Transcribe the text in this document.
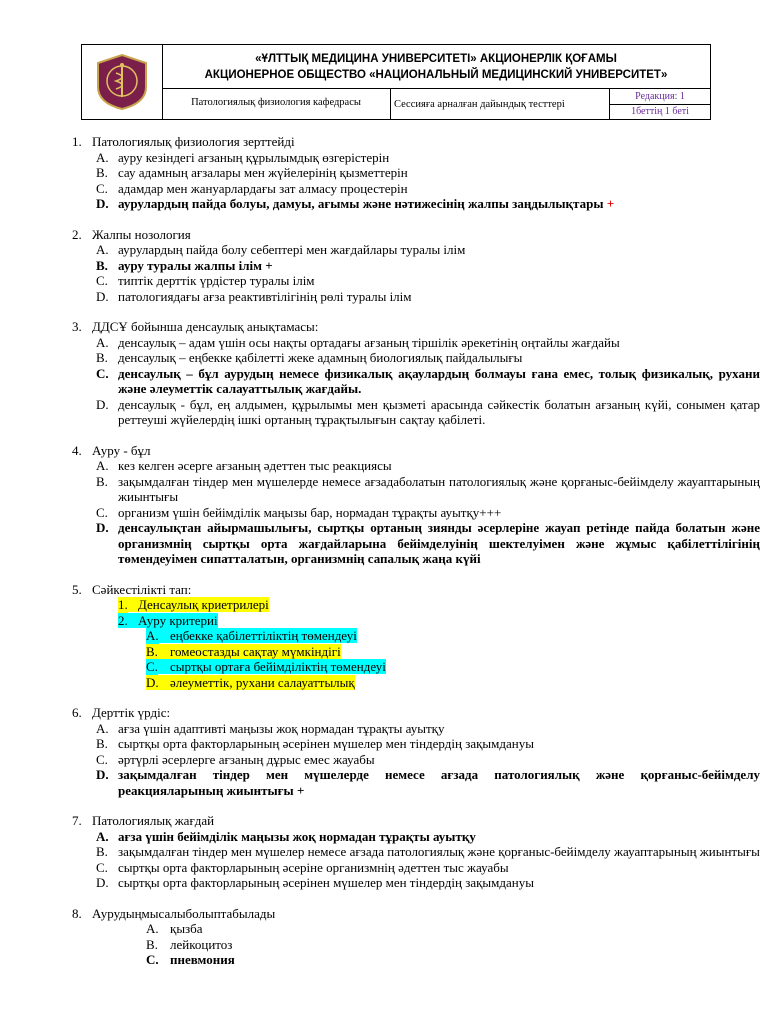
«ҰЛТТЫҚ МЕДИЦИНА УНИВЕРСИТЕТІ» АКЦИОНЕРЛІК ҚОҒАМЫ
АКЦИОНЕРНОЕ ОБЩЕСТВО «НАЦИОНАЛЬНЫЙ МЕДИЦИНСКИЙ УНИВЕРСИТЕТ»
Патологиялық физиология кафедрасы	Сессияға арналған дайындық тесттері
Редакция: 1
1беттің 1 беті
1. Патологиялық физиология зерттейді
A. ауру кезіндегі ағзаның құрылымдық өзгерістерін
B. сау адамның ағзалары мен жүйелерінің қызметтерін
C. адамдар мен жануарлардағы зат алмасу процестерін
D. аурулардың пайда болуы, дамуы, ағымы және нәтижесінің жалпы заңдылықтары +
2. Жалпы нозология
A. аурулардың пайда болу себептері мен жағдайлары туралы ілім
B. ауру туралы жалпы ілім +
C. типтік дерттік үрдістер туралы ілім
D. патологиядағы ағза реактивтілігінің рөлі туралы ілім
3. ДДСҰ бойынша денсаулық анықтамасы:
A. денсаулық – адам үшін осы нақты ортадағы ағзаның тіршілік әрекетінің оңтайлы жағдайы
B. денсаулық – еңбекке қабілетті жеке адамның биологиялық пайдалылығы
C. денсаулық – бұл аурудың немесе физикалық ақаулардың болмауы ғана емес, толық физикалық, рухани және әлеуметтік салауаттылық жағдайы.
D. денсаулық - бұл, ең алдымен, құрылымы мен қызметі арасында сәйкестік болатын ағзаның күйі, сонымен қатар реттеуші жүйелердің ішкі ортаның тұрақтылығын сақтау қабілеті.
4. Ауру - бұл
A. кез келген әсерге ағзаның әдеттен тыс реакциясы
B. зақымдалған тіндер мен мүшелерде немесе ағзадаболатын патологиялық және қорғаныс-бейімделу жауаптарының жиынтығы
C. организм үшін бейімділік маңызы бар, нормадан тұрақты ауытқу+++
D. денсаулықтан айырмашылығы, сыртқы ортаның зиянды әсерлеріне жауап ретінде пайда болатын және организмнің сыртқы орта жағдайларына бейімделуінің шектелуімен және жұмыс қабілеттілігінің төмендеуімен сипатталатын, организмнің сапалық жаңа күйі
5. Сәйкестілікті тап:
1. Денсаулық криетрилері
2. Ауру критериі
A. еңбекке қабілеттіліктің төмендеуі
B. гомеостазды сақтау мүмкіндігі
C. сыртқы ортаға бейімділіктің төмендеуі
D. әлеуметтік, рухани салауаттылық
6. Дерттік үрдіс:
A. ағза үшін адаптивті маңызы жоқ нормадан тұрақты ауытқу
B. сыртқы орта факторларының әсерінен мүшелер мен тіндердің зақымдануы
C. әртүрлі әсерлерге ағзаның дұрыс емес жауабы
D. зақымдалған тіндер мен мүшелерде немесе ағзада патологиялық және қорғаныс-бейімделу реакцияларының жиынтығы +
7. Патологиялық жағдай
A. ағза үшін бейімділік маңызы жоқ нормадан тұрақты ауытқу
B. зақымдалған тіндер мен мүшелер немесе ағзада патологиялық және қорғаныс-бейімделу жауаптарының жиынтығы
C. сыртқы орта факторларының әсеріне организмнің әдеттен тыс жауабы
D. сыртқы орта факторларының әсерінен мүшелер мен тіндердің зақымдануы
8. Аурудыңмысалыболыптабылады
A. қызба
B. лейкоцитоз
C. пневмония
